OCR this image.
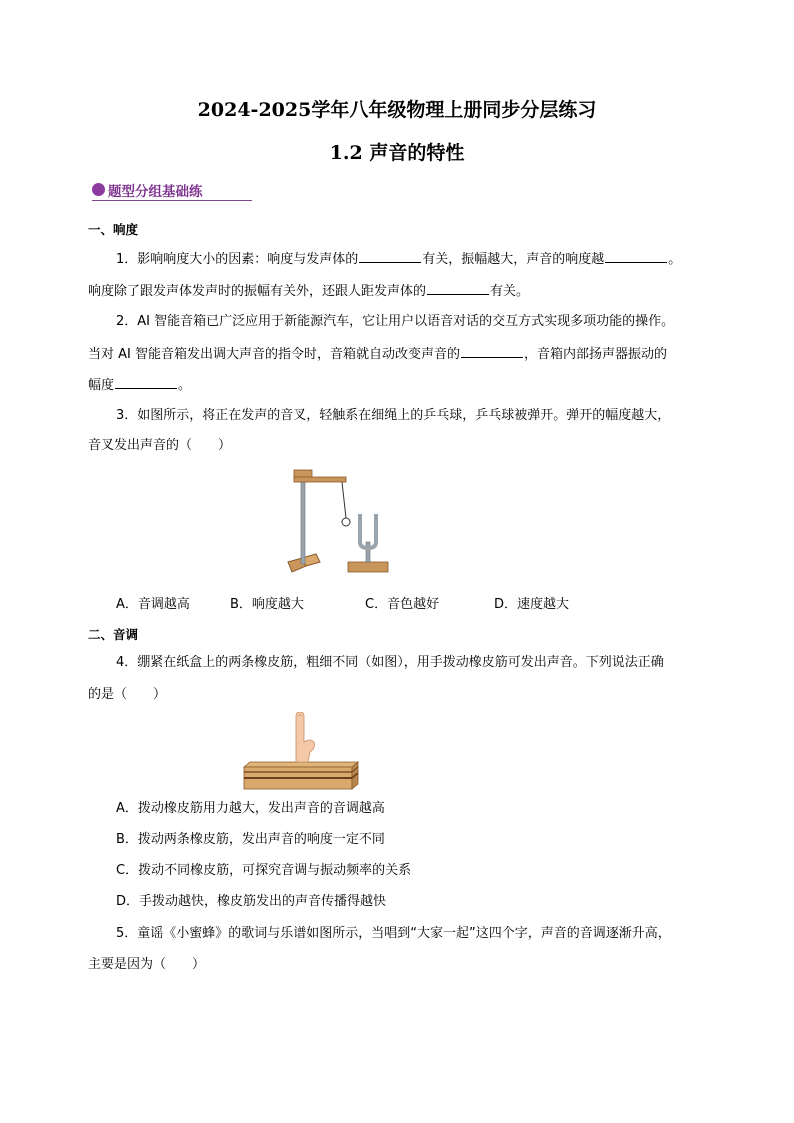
2024-2025学年八年级物理上册同步分层练习
1.2 声音的特性
题型分组基础练
一、响度
1．影响响度大小的因素：响度与发声体的	有关，振幅越大，声音的响度越	。
响度除了跟发声体发声时的振幅有关外，还跟人距发声体的	有关。
2．AI 智能音箱已广泛应用于新能源汽车，它让用户以语音对话的交互方式实现多项功能的操作。
当对 AI 智能音箱发出调大声音的指令时，音箱就自动改变声音的	，音箱内部扬声器振动的
幅度	。
3．如图所示，将正在发声的音叉，轻触系在细绳上的乒乓球，乒乓球被弹开。弹开的幅度越大，
音叉发出声音的（　　）
A．音调越高	B．响度越大	C．音色越好	D．速度越大
二、音调
4．绷紧在纸盒上的两条橡皮筋，粗细不同（如图），用手拨动橡皮筋可发出声音。下列说法正确
的是（　　）
A．拨动橡皮筋用力越大，发出声音的音调越高
B．拨动两条橡皮筋，发出声音的响度一定不同
C．拨动不同橡皮筋，可探究音调与振动频率的关系
D．手拨动越快，橡皮筋发出的声音传播得越快
5．童谣《小蜜蜂》的歌词与乐谱如图所示，当唱到“大家一起”这四个字，声音的音调逐渐升高，
主要是因为（　　）
